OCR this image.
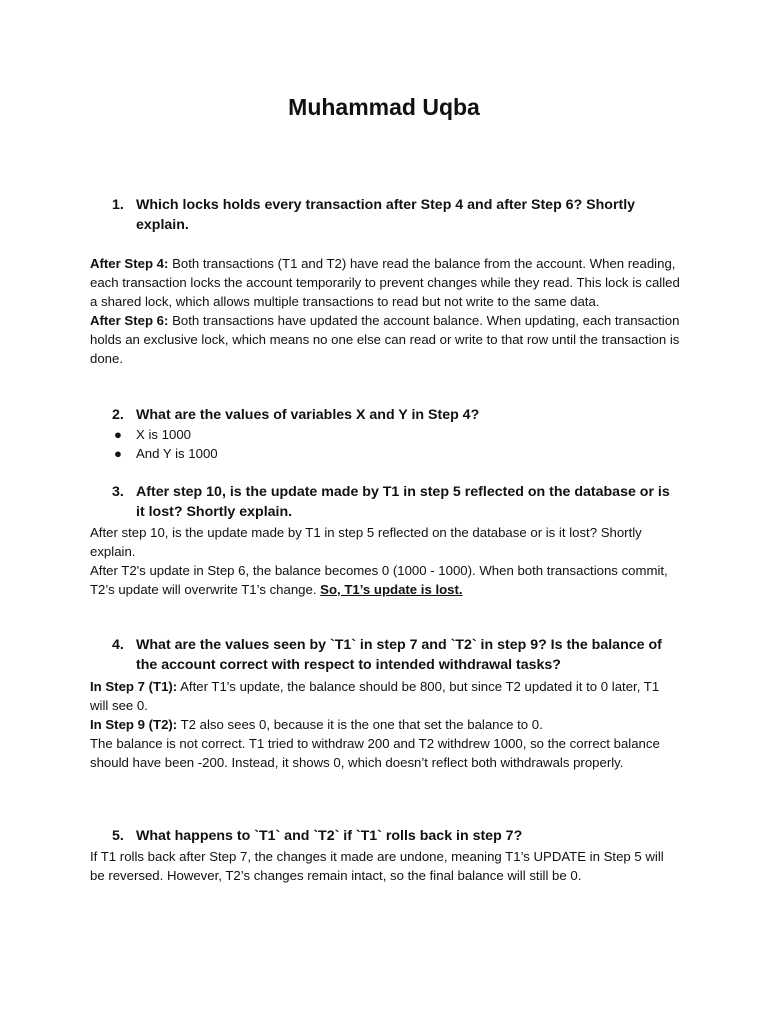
Muhammad Uqba
1. Which locks holds every transaction after Step 4 and after Step 6? Shortly explain.

After Step 4: Both transactions (T1 and T2) have read the balance from the account. When reading, each transaction locks the account temporarily to prevent changes while they read. This lock is called a shared lock, which allows multiple transactions to read but not write to the same data.

After Step 6: Both transactions have updated the account balance. When updating, each transaction holds an exclusive lock, which means no one else can read or write to that row until the transaction is done.

2. What are the values of variables X and Y in Step 4?
● X is 1000
● And Y is 1000
3. After step 10, is the update made by T1 in step 5 reflected on the database or is it lost? Shortly explain.

After step 10, is the update made by T1 in step 5 reflected on the database or is it lost? Shortly explain.

After T2's update in Step 6, the balance becomes 0 (1000 - 1000). When both transactions commit, T2’s update will overwrite T1’s change. So, T1’s update is lost.

4. What are the values seen by `T1` in step 7 and `T2` in step 9? Is the balance of the account correct with respect to intended withdrawal tasks?

In Step 7 (T1): After T1's update, the balance should be 800, but since T2 updated it to 0 later, T1 will see 0.

In Step 9 (T2): T2 also sees 0, because it is the one that set the balance to 0.

The balance is not correct. T1 tried to withdraw 200 and T2 withdrew 1000, so the correct balance should have been -200. Instead, it shows 0, which doesn’t reflect both withdrawals properly.

5. What happens to `T1` and `T2` if `T1` rolls back in step 7?

If T1 rolls back after Step 7, the changes it made are undone, meaning T1’s UPDATE in Step 5 will be reversed. However, T2’s changes remain intact, so the final balance will still be 0.
